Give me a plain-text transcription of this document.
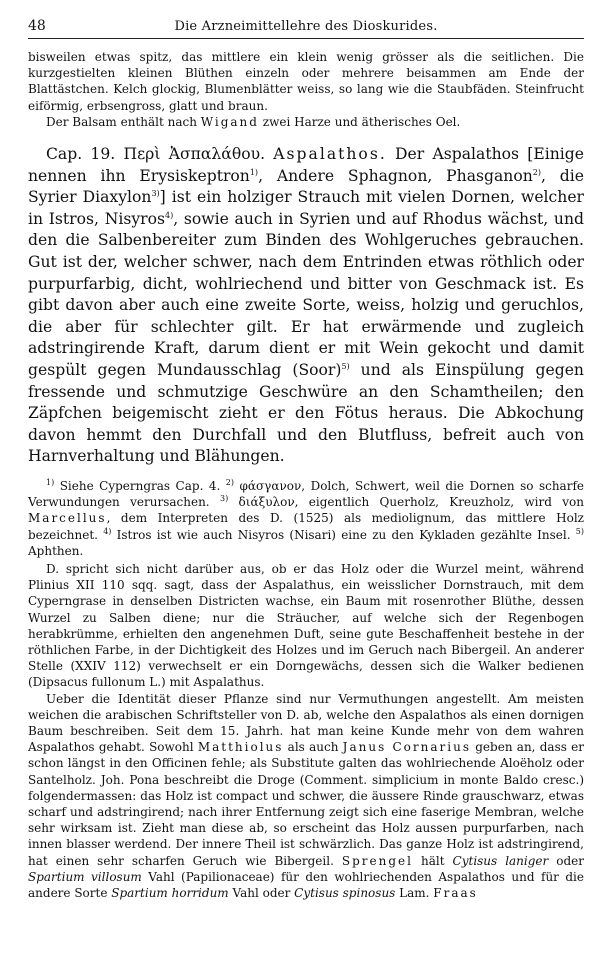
48	Die Arzneimittellehre des Dioskurides.

bisweilen etwas spitz, das mittlere ein klein wenig grösser als die seitlichen. Die kurzgestielten kleinen Blüthen einzeln oder mehrere beisammen am Ende der Blattästchen. Kelch glockig, Blumenblätter weiss, so lang wie die Staubfäden. Steinfrucht eiförmig, erbsengross, glatt und braun.

Der Balsam enthält nach Wigand zwei Harze und ätherisches Oel.

Cap. 19. Περὶ Ἀσπαλάθου. Aspalathos. Der Aspalathos [Einige nennen ihn Erysiskeptron$^{1)}$, Andere Sphagnon, Phasganon$^{2)}$, die Syrier Diaxylon$^{3)}$] ist ein holziger Strauch mit vielen Dornen, welcher in Istros, Nisyros$^{4)}$, sowie auch in Syrien und auf Rhodus wächst, und den die Salbenbereiter zum Binden des Wohlgeruches gebrauchen. Gut ist der, welcher schwer, nach dem Entrinden etwas röthlich oder purpurfarbig, dicht, wohlriechend und bitter von Geschmack ist. Es gibt davon aber auch eine zweite Sorte, weiss, holzig und geruchlos, die aber für schlechter gilt. Er hat erwärmende und zugleich adstringirende Kraft, darum dient er mit Wein gekocht und damit gespült gegen Mundausschlag (Soor)$^{5)}$ und als Einspülung gegen fressende und schmutzige Geschwüre an den Schamtheilen; den Zäpfchen beigemischt zieht er den Fötus heraus. Die Abkochung davon hemmt den Durchfall und den Blutfluss, befreit auch von Harnverhaltung und Blähungen.

$^{1)}$ Siehe Cyperngras Cap. 4. $^{2)}$ φάσγανον, Dolch, Schwert, weil die Dornen so scharfe Verwundungen verursachen. $^{3)}$ διάξυλον, eigentlich Querholz, Kreuzholz, wird von Marcellus, dem Interpreten des D. (1525) als mediolignum, das mittlere Holz bezeichnet. $^{4)}$ Istros ist wie auch Nisyros (Nisari) eine zu den Kykladen gezählte Insel. $^{5)}$ Aphthen.

D. spricht sich nicht darüber aus, ob er das Holz oder die Wurzel meint, während Plinius XII 110 sqq. sagt, dass der Aspalathus, ein weisslicher Dornstrauch, mit dem Cyperngrase in denselben Districten wachse, ein Baum mit rosenrother Blüthe, dessen Wurzel zu Salben diene; nur die Sträucher, auf welche sich der Regenbogen herabkrümme, erhielten den angenehmen Duft, seine gute Beschaffenheit bestehe in der röthlichen Farbe, in der Dichtigkeit des Holzes und im Geruch nach Bibergeil. An anderer Stelle (XXIV 112) verwechselt er ein Dorngewächs, dessen sich die Walker bedienen (Dipsacus fullonum L.) mit Aspalathus.

Ueber die Identität dieser Pflanze sind nur Vermuthungen angestellt. Am meisten weichen die arabischen Schriftsteller von D. ab, welche den Aspalathos als einen dornigen Baum beschreiben. Seit dem 15. Jahrh. hat man keine Kunde mehr von dem wahren Aspalathos gehabt. Sowohl Matthiolus als auch Janus Cornarius geben an, dass er schon längst in den Officinen fehle; als Substitute galten das wohlriechende Aloëholz oder Santelholz. Joh. Pona beschreibt die Droge (Comment. simplicium in monte Baldo cresc.) folgendermassen: das Holz ist compact und schwer, die äussere Rinde grauschwarz, etwas scharf und adstringirend; nach ihrer Entfernung zeigt sich eine faserige Membran, welche sehr wirksam ist. Zieht man diese ab, so erscheint das Holz aussen purpurfarben, nach innen blasser werdend. Der innere Theil ist schwärzlich. Das ganze Holz ist adstringirend, hat einen sehr scharfen Geruch wie Bibergeil. Sprengel hält Cytisus laniger oder Spartium villosum Vahl (Papilionaceae) für den wohlriechenden Aspalathos und für die andere Sorte Spartium horridum Vahl oder Cytisus spinosus Lam. Fraas
